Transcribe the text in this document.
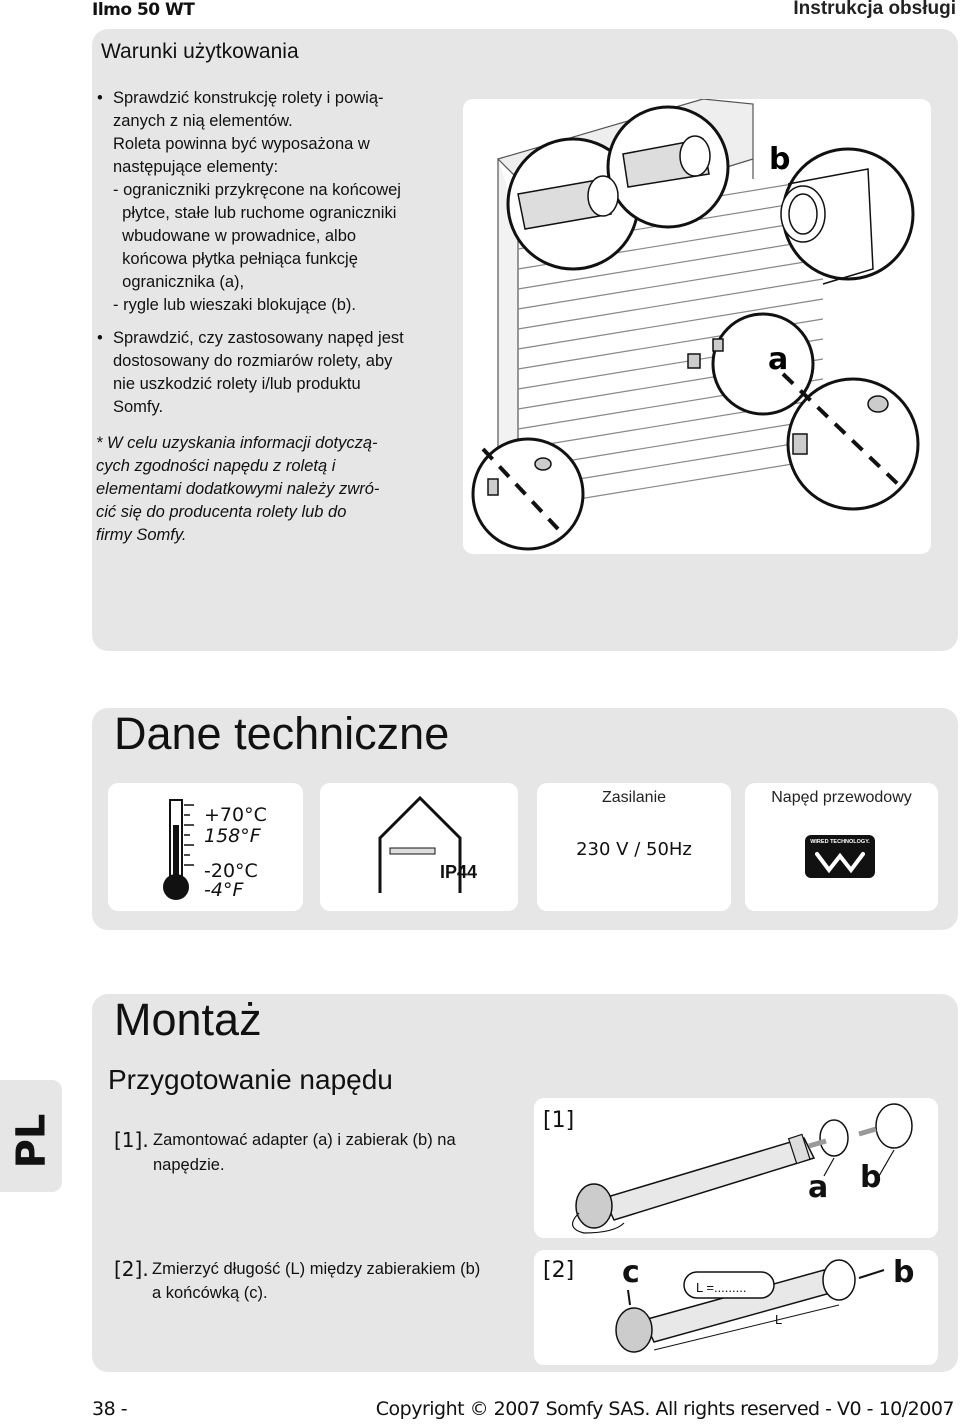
Ilmo 50 WT	Instrukcja obsługi
Warunki użytkowania
• Sprawdzić konstrukcję rolety i powią-
zanych z nią elementów.
Roleta powinna być wyposażona w
następujące elementy:
- ograniczniki przykręcone na końcowej
płytce, stałe lub ruchome ograniczniki
wbudowane w prowadnice, albo
końcowa płytka pełniąca funkcję
ogranicznika (a),
- rygle lub wieszaki blokujące (b).
• Sprawdzić, czy zastosowany napęd jest
dostosowany do rozmiarów rolety, aby
nie uszkodzić rolety i/lub produktu
Somfy.
* W celu uzyskania informacji dotyczą-
cych zgodności napędu z roletą i
elementami dodatkowymi należy zwró-
cić się do producenta rolety lub do
firmy Somfy.
b
a
Dane techniczne
+70°C
158°F
-20°C
-4°F
IP44
Zasilanie
230 V / 50Hz
Napęd przewodowy
WIRED TECHNOLOGY.
Montaż
Przygotowanie napędu
PL	[1]. Zamontować adapter (a) i zabierak (b) na
napędzie.
[1]
a b
[2]. Zmierzyć długość (L) między zabierakiem (b)
a końcówką (c).
[2] c	b
L =.........
L
38 -	Copyright © 2007 Somfy SAS. All rights reserved - V0 - 10/2007
